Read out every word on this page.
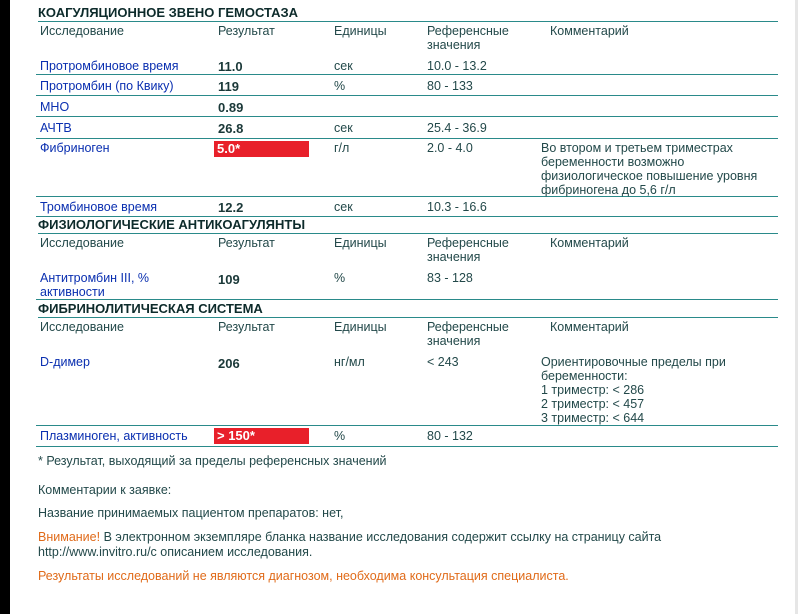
КОАГУЛЯЦИОННОЕ ЗВЕНО ГЕМОСТАЗА
Исследование	Результат	Единицы	Референсные
значения
Комментарий
Протромбиновое время	11.0	сек	10.0 - 13.2
Протромбин (по Квику)	119	%	80 - 133
МНО	0.89
АЧТВ	26.8	сек	25.4 - 36.9
Фибриноген	5.0*	г/л	2.0 - 4.0	Во втором и третьем триместрах
беременности возможно
физиологическое повышение уровня
фибриногена до 5,6 г/л
Тромбиновое время	12.2	сек	10.3 - 16.6
ФИЗИОЛОГИЧЕСКИЕ АНТИКОАГУЛЯНТЫ
Исследование	Результат	Единицы	Референсные
значения
Комментарий
Антитромбин III, %
активности
109	%	83 - 128
ФИБРИНОЛИТИЧЕСКАЯ СИСТЕМА
Исследование	Результат	Единицы	Референсные
значения
Комментарий
D-димер	206	нг/мл	< 243	Ориентировочные пределы при
беременности:
1 триместр: < 286
2 триместр: < 457
3 триместр: < 644
Плазминоген, активность > 150*	%	80 - 132
* Результат, выходящий за пределы референсных значений
Комментарии к заявке:
Название принимаемых пациентом препаратов: нет,
Внимание! В электронном экземпляре бланка название исследования содержит ссылку на страницу сайта
http://www.invitro.ru/c описанием исследования.
Результаты исследований не являются диагнозом, необходима консультация специалиста.
